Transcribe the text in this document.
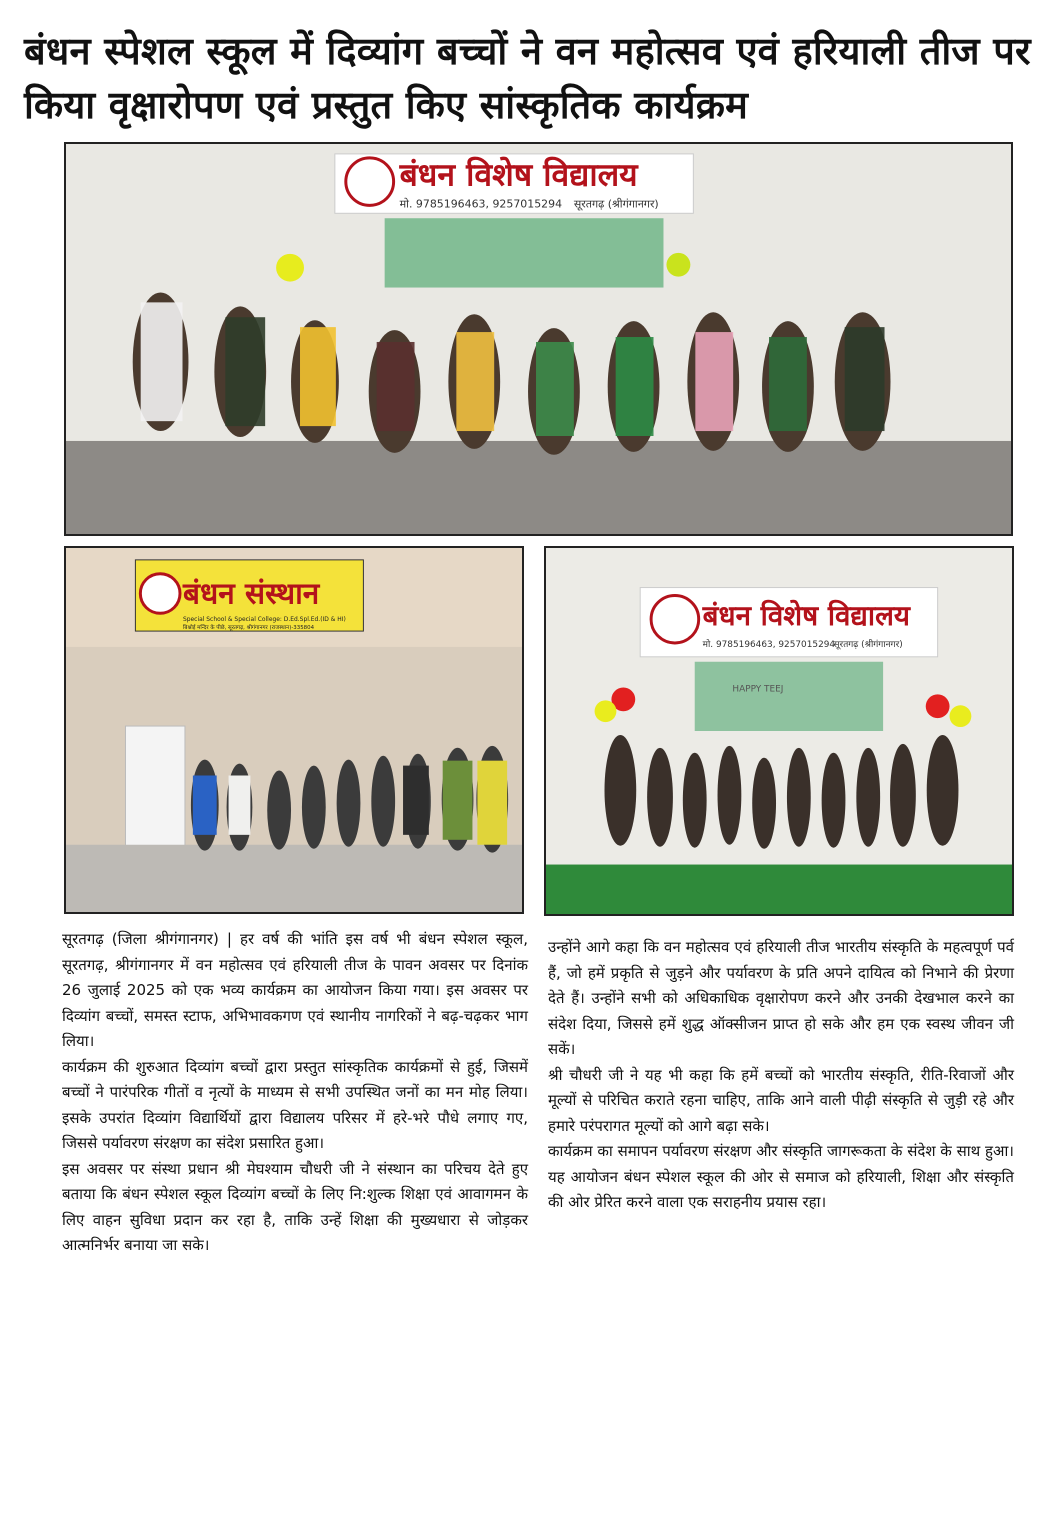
बंधन स्पेशल स्कूल में दिव्यांग बच्चों ने वन महोत्सव एवं हरियाली तीज पर किया वृक्षारोपण एवं प्रस्तुत किए सांस्कृतिक कार्यक्रम
बंधन विशेष विद्यालय
मो. 9785196463, 9257015294 सूरतगढ़ (श्रीगंगानगर)
बंधन संस्थान
Special School & Special College: D.Ed.Spl.Ed.(ID & HI)
बिश्नोई मन्दिर के पीछे, सूरतगढ़, श्रीगंगानगर (राजस्थान)-335804	बंधन विशेष विद्यालय
मो. 9785196463, 9257015294
सूरतगढ़ (श्रीगंगानगर)
HAPPY TEEJ

सूरतगढ़ (जिला श्रीगंगानगर) | हर वर्ष की भांति इस वर्ष भी बंधन स्पेशल स्कूल, सूरतगढ़, श्रीगंगानगर में वन महोत्सव एवं हरियाली तीज के पावन अवसर पर दिनांक 26 जुलाई 2025 को एक भव्य कार्यक्रम का आयोजन किया गया। इस अवसर पर दिव्यांग बच्चों, समस्त स्टाफ, अभिभावकगण एवं स्थानीय नागरिकों ने बढ़-चढ़कर भाग लिया।

कार्यक्रम की शुरुआत दिव्यांग बच्चों द्वारा प्रस्तुत सांस्कृतिक कार्यक्रमों से हुई, जिसमें बच्चों ने पारंपरिक गीतों व नृत्यों के माध्यम से सभी उपस्थित जनों का मन मोह लिया। इसके उपरांत दिव्यांग विद्यार्थियों द्वारा विद्यालय परिसर में हरे-भरे पौधे लगाए गए, जिससे पर्यावरण संरक्षण का संदेश प्रसारित हुआ।

इस अवसर पर संस्था प्रधान श्री मेघश्याम चौधरी जी ने संस्थान का परिचय देते हुए बताया कि बंधन स्पेशल स्कूल दिव्यांग बच्चों के लिए नि:शुल्क शिक्षा एवं आवागमन के लिए वाहन सुविधा प्रदान कर रहा है, ताकि उन्हें शिक्षा की मुख्यधारा से जोड़कर आत्मनिर्भर बनाया जा सके।

उन्होंने आगे कहा कि वन महोत्सव एवं हरियाली तीज भारतीय संस्कृति के महत्वपूर्ण पर्व हैं, जो हमें प्रकृति से जुड़ने और पर्यावरण के प्रति अपने दायित्व को निभाने की प्रेरणा देते हैं। उन्होंने सभी को अधिकाधिक वृक्षारोपण करने और उनकी देखभाल करने का संदेश दिया, जिससे हमें शुद्ध ऑक्सीजन प्राप्त हो सके और हम एक स्वस्थ जीवन जी सकें।

श्री चौधरी जी ने यह भी कहा कि हमें बच्चों को भारतीय संस्कृति, रीति-रिवाजों और मूल्यों से परिचित कराते रहना चाहिए, ताकि आने वाली पीढ़ी संस्कृति से जुड़ी रहे और हमारे परंपरागत मूल्यों को आगे बढ़ा सके।

कार्यक्रम का समापन पर्यावरण संरक्षण और संस्कृति जागरूकता के संदेश के साथ हुआ। यह आयोजन बंधन स्पेशल स्कूल की ओर से समाज को हरियाली, शिक्षा और संस्कृति की ओर प्रेरित करने वाला एक सराहनीय प्रयास रहा।
